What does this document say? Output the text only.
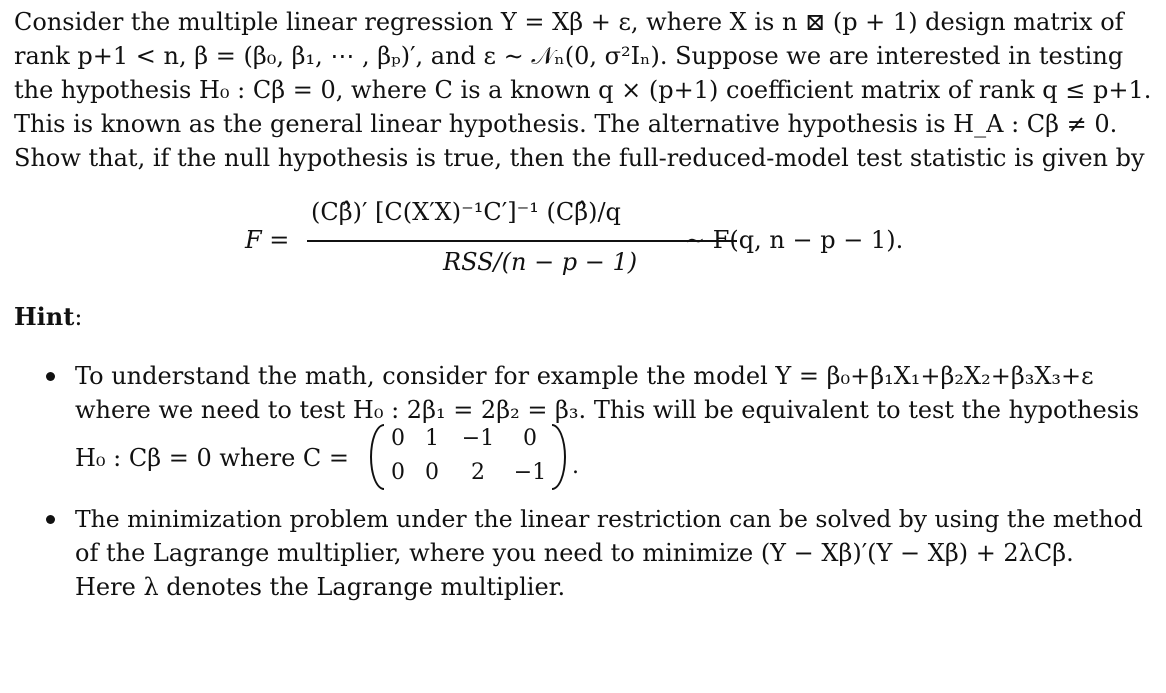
Consider the multiple linear regression Y = Xβ + ε, where X is n ⊠ (p + 1) design matrix of
rank p+1 < n, β = (β₀, β₁, ⋯ , βₚ)′, and ε ∼ 𝒩ₙ(0, σ²Iₙ). Suppose we are interested in testing
the hypothesis H₀ : Cβ = 0, where C is a known q × (p+1) coefficient matrix of rank q ≤ p+1.
This is known as the general linear hypothesis. The alternative hypothesis is H_A : Cβ ≠ 0.
Show that, if the null hypothesis is true, then the full-reduced-model test statistic is given by
F =
(Cβ̂)′ [C(X′X)⁻¹C′]⁻¹ (Cβ̂)/q
RSS/(n − p − 1)
∼ F(q, n − p − 1).
Hint:
To understand the math, consider for example the model Y = β₀+β₁X₁+β₂X₂+β₃X₃+ε
where we need to test H₀ : 2β₁ = 2β₂ = β₃. This will be equivalent to test the hypothesis
H₀ : Cβ = 0 where C =
0 1	−1	0
0 0	2	−1 .
The minimization problem under the linear restriction can be solved by using the method
of the Lagrange multiplier, where you need to minimize (Y − Xβ)′(Y − Xβ) + 2λCβ.
Here λ denotes the Lagrange multiplier.
